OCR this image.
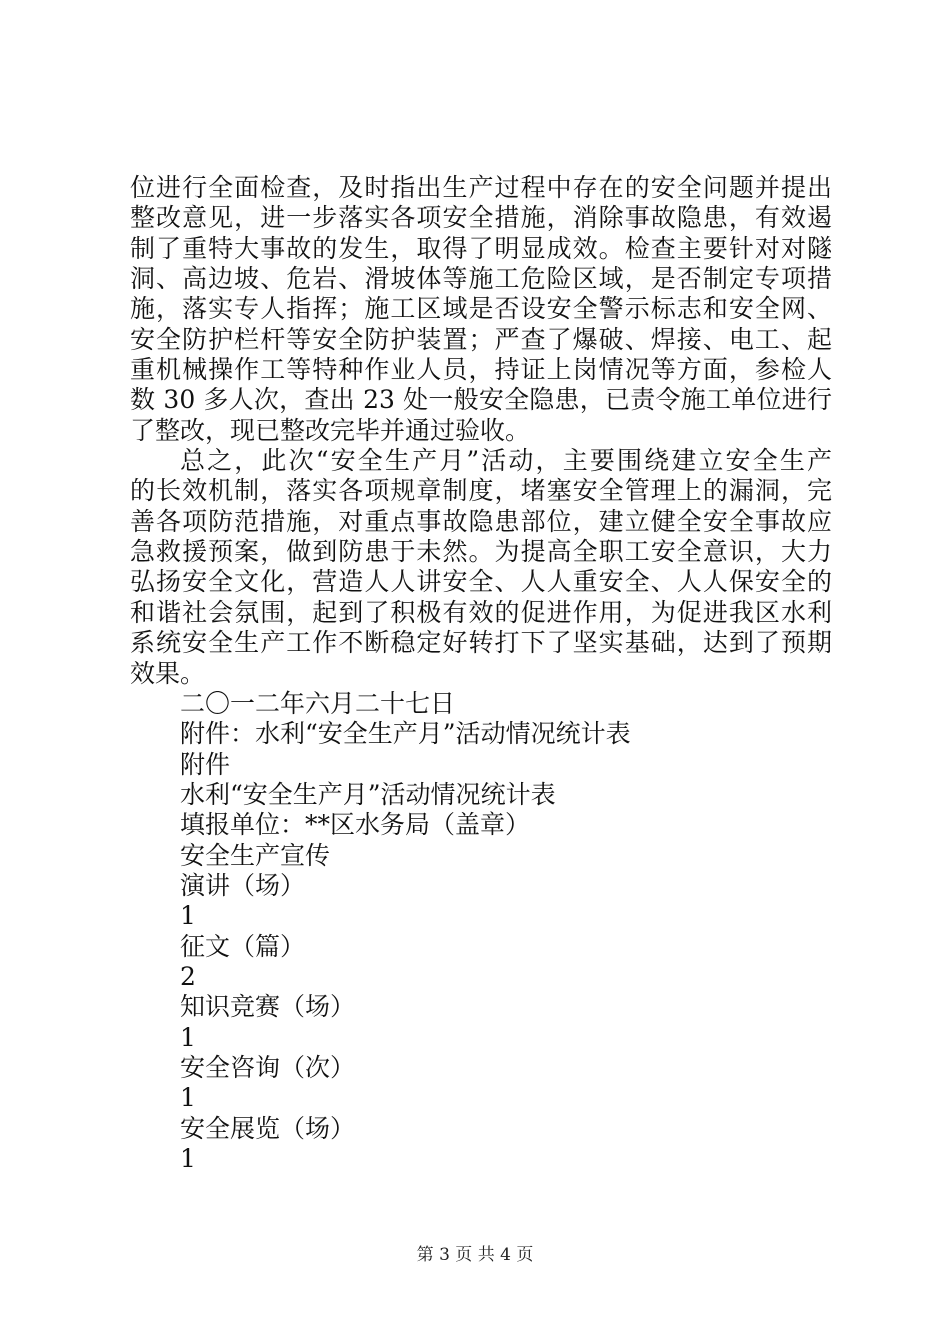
位进行全面检查，及时指出生产过程中存在的安全问题并提出
整改意见，进一步落实各项安全措施，消除事故隐患，有效遏
制了重特大事故的发生，取得了明显成效。检查主要针对对隧
洞、高边坡、危岩、滑坡体等施工危险区域，是否制定专项措
施，落实专人指挥；施工区域是否设安全警示标志和安全网、
安全防护栏杆等安全防护装置；严查了爆破、焊接、电工、起
重机械操作工等特种作业人员，持证上岗情况等方面，参检人
数 30 多人次，查出 23 处一般安全隐患，已责令施工单位进行
了整改，现已整改完毕并通过验收。
总之，此次“安全生产月”活动，主要围绕建立安全生产
的长效机制，落实各项规章制度，堵塞安全管理上的漏洞，完
善各项防范措施，对重点事故隐患部位，建立健全安全事故应
急救援预案，做到防患于未然。为提高全职工安全意识，大力
弘扬安全文化，营造人人讲安全、人人重安全、人人保安全的
和谐社会氛围，起到了积极有效的促进作用，为促进我区水利
系统安全生产工作不断稳定好转打下了坚实基础，达到了预期
效果。
二〇一二年六月二十七日
附件：水利“安全生产月”活动情况统计表
附件
水利“安全生产月”活动情况统计表
填报单位：**区水务局（盖章）
安全生产宣传
演讲（场）
1
征文（篇）
2
知识竞赛（场）
1
安全咨询（次）
1
安全展览（场）
1
第 3 页 共 4 页
